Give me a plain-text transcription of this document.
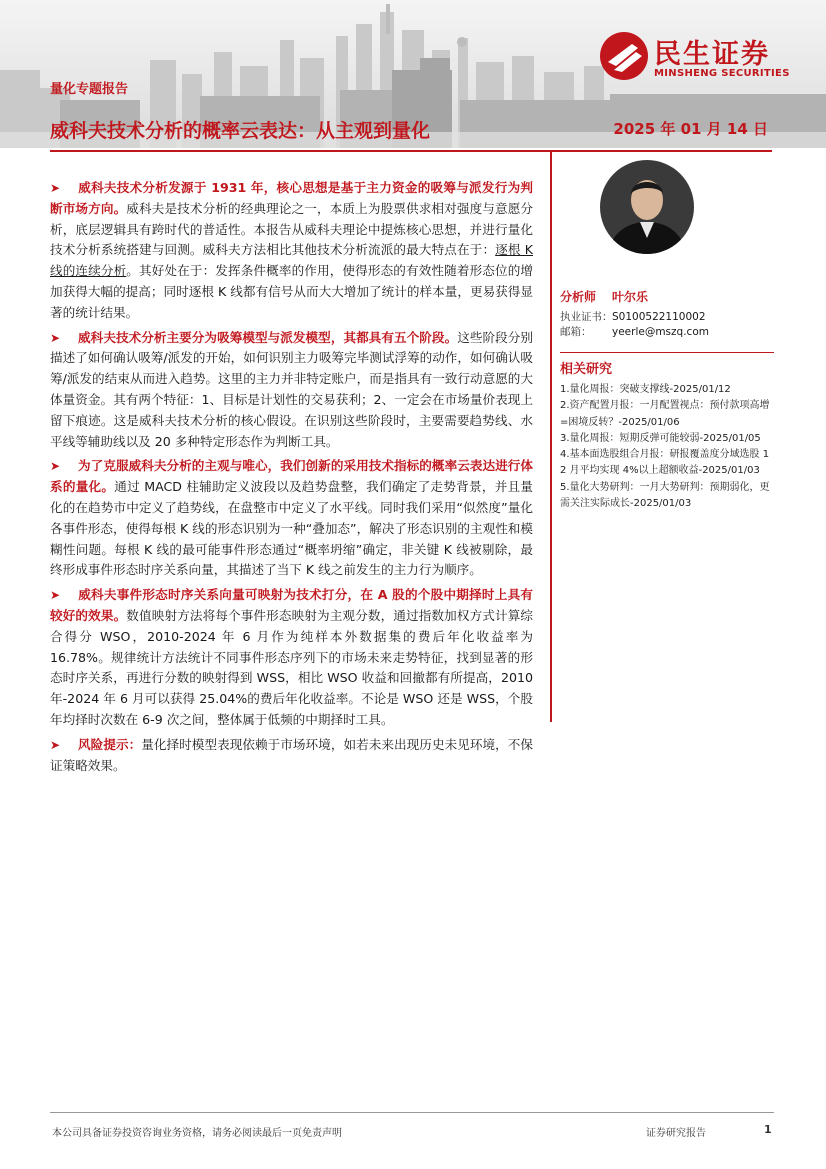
量化专题报告
威科夫技术分析的概率云表达：从主观到量化	2025 年 01 月 14 日
民生证券
MINSHENG SECURITIES
➤ 威科夫技术分析发源于 1931 年，核心思想是基于主力资金的吸筹与派发行为判断市场方向。威科夫是技术分析的经典理论之一，本质上为股票供求相对强度与意愿分析，底层逻辑具有跨时代的普适性。本报告从威科夫理论中提炼核心思想，并进行量化技术分析系统搭建与回测。威科夫方法相比其他技术分析流派的最大特点在于：逐根 K 线的连续分析。其好处在于：发挥条件概率的作用，使得形态的有效性随着形态位的增加获得大幅的提高；同时逐根 K 线都有信号从而大大增加了统计的样本量，更易获得显著的统计结果。
➤ 威科夫技术分析主要分为吸筹模型与派发模型，其都具有五个阶段。这些阶段分别描述了如何确认吸筹/派发的开始，如何识别主力吸筹完毕测试浮筹的动作，如何确认吸筹/派发的结束从而进入趋势。这里的主力并非特定账户，而是指具有一致行动意愿的大体量资金。其有两个特征：1、目标是计划性的交易获利；2、一定会在市场量价表现上留下痕迹。这是威科夫技术分析的核心假设。在识别这些阶段时，主要需要趋势线、水平线等辅助线以及 20 多种特定形态作为判断工具。
➤ 为了克服威科夫分析的主观与唯心，我们创新的采用技术指标的概率云表达进行体系的量化。通过 MACD 柱辅助定义波段以及趋势盘整，我们确定了走势背景，并且量化的在趋势市中定义了趋势线，在盘整市中定义了水平线。同时我们采用“似然度”量化各事件形态，使得每根 K 线的形态识别为一种“叠加态”，解决了形态识别的主观性和模糊性问题。每根 K 线的最可能事件形态通过“概率坍缩”确定，非关键 K 线被剔除，最终形成事件形态时序关系向量，其描述了当下 K 线之前发生的主力行为顺序。
➤ 威科夫事件形态时序关系向量可映射为技术打分，在 A 股的个股中期择时上具有较好的效果。数值映射方法将每个事件形态映射为主观分数，通过指数加权方式计算综合得分 WSO，2010-2024 年 6 月作为纯样本外数据集的费后年化收益率为 16.78%。规律统计方法统计不同事件形态序列下的市场未来走势特征，找到显著的形态时序关系，再进行分数的映射得到 WSS，相比 WSO 收益和回撤都有所提高，2010 年-2024 年 6 月可以获得 25.04%的费后年化收益率。不论是 WSO 还是 WSS，个股年均择时次数在 6-9 次之间，整体属于低频的中期择时工具。
➤ 风险提示：量化择时模型表现依赖于市场环境，如若未来出现历史未见环境，不保证策略效果。
分析师 叶尔乐
执业证书：S0100522110002
邮箱： yeerle@mszq.com
相关研究
1.量化周报：突破支撑线-2025/01/12
2.资产配置月报：一月配置视点：预付款项高增=困境反转？-2025/01/06
3.量化周报：短期反弹可能较弱-2025/01/05
4.基本面选股组合月报：研报覆盖度分域选股 12 月平均实现 4%以上超额收益-2025/01/03
5.量化大势研判：一月大势研判：预期弱化，更需关注实际成长-2025/01/03
本公司具备证券投资咨询业务资格，请务必阅读最后一页免责声明	证券研究报告	1
